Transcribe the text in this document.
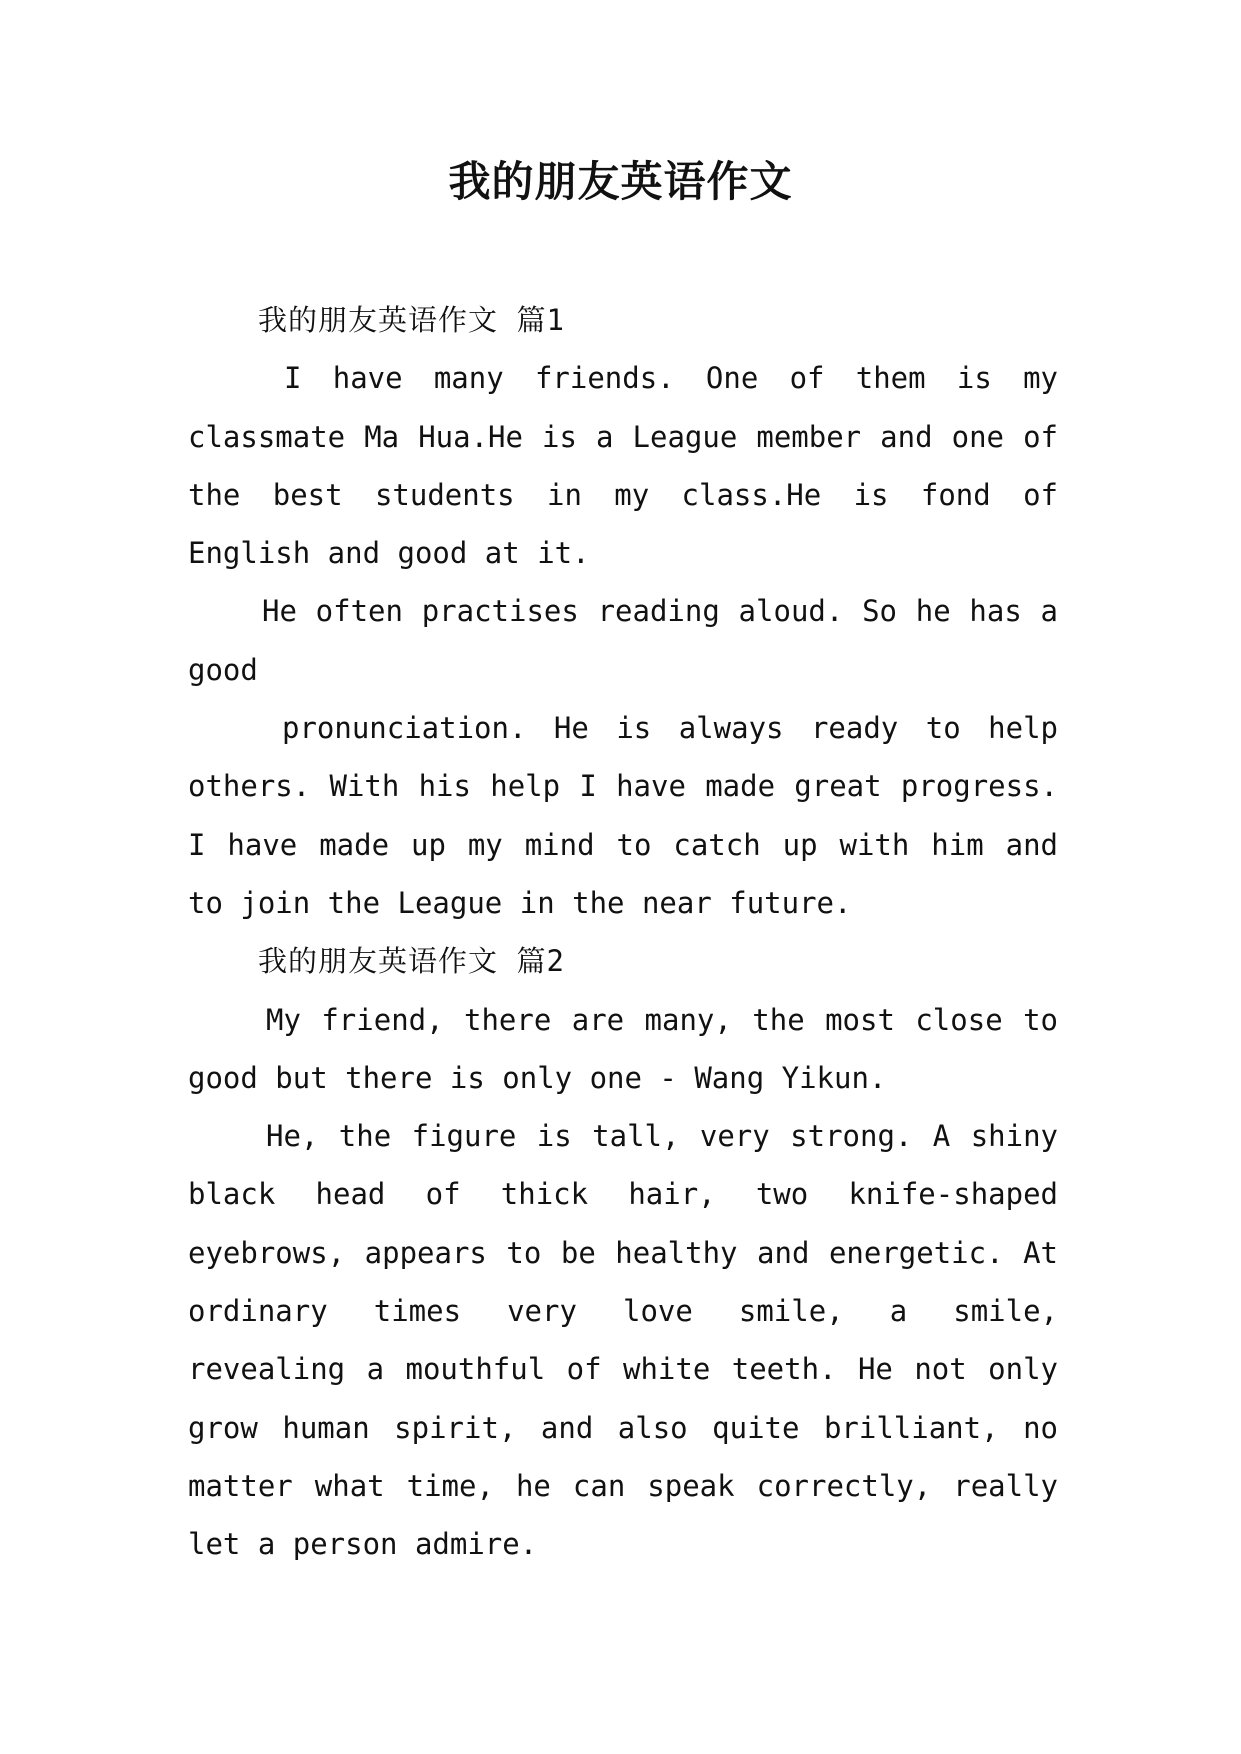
我的朋友英语作文

我的朋友英语作文 篇1

I have many friends. One of them is my classmate Ma Hua.He is a League member and one of the best students in my class.He is fond of English and good at it.

He often practises reading aloud. So he has a good

pronunciation. He is always ready to help others. With his help I have made great progress. I have made up my mind to catch up with him and to join the League in the near future.

我的朋友英语作文 篇2

My friend, there are many, the most close to good but there is only one - Wang Yikun.

He, the figure is tall, very strong. A shiny black head of thick hair, two knife-shaped eyebrows, appears to be healthy and energetic. At ordinary times very love smile, a smile, revealing a mouthful of white teeth. He not only grow human spirit, and also quite brilliant, no matter what time, he can speak correctly, really let a person admire.
